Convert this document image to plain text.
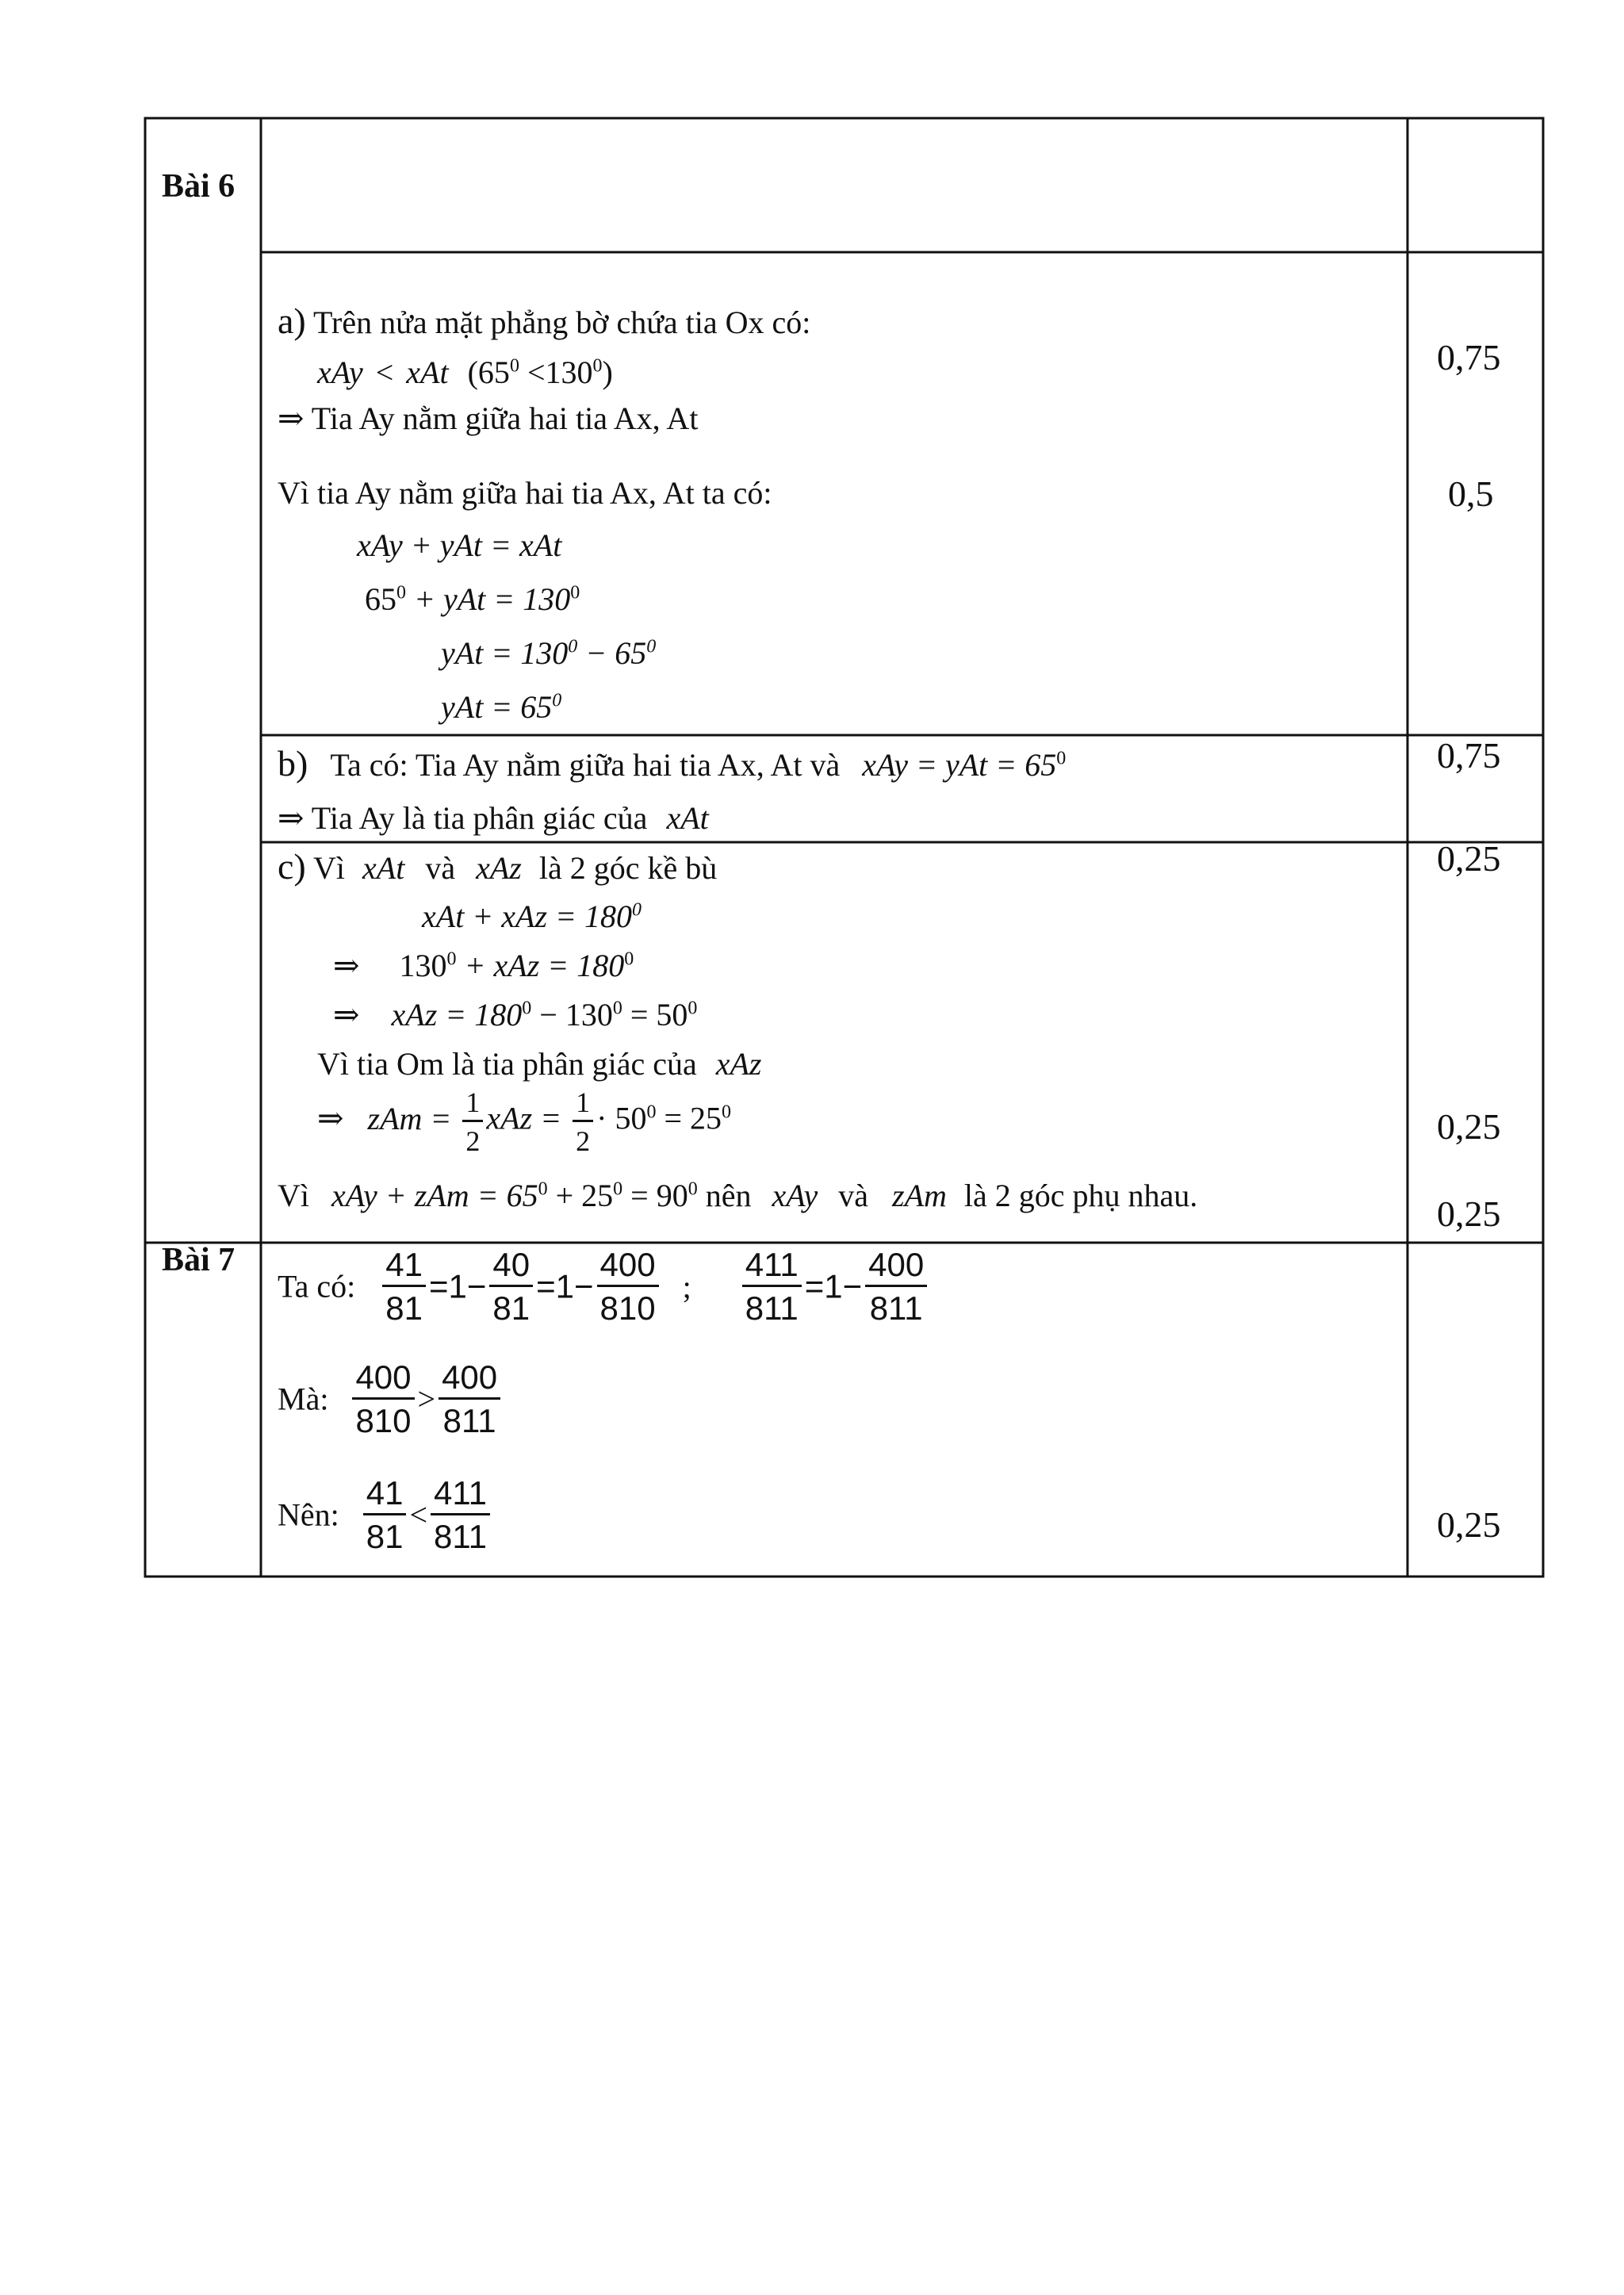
Bài 6
a) Trên nửa mặt phẳng bờ chứa tia Ox có:
xAy < xAt $(65^0 <130^0)$
⇒ Tia Ay nằm giữa hai tia Ax, At
Vì tia Ay nằm giữa hai tia Ax, At ta có:
xAy + yAt = xAt
$65^0$ + yAt = $130^0$
yAt = $130^0 - 65^0$
yAt = $65^0$
0,75
0,5
b) Ta có: Tia Ay nằm giữa hai tia Ax, At và xAy = yAt = $65^0$
⇒ Tia Ay là tia phân giác của xAt
0,75
c) Vì xAt và xAz là 2 góc kề bù
xAt + xAz = $180^0$
⇒ $130^0$ + xAz = $180^0$
⇒ xAz = $180^0 - 130^0 = 50^0$
Vì tia Om là tia phân giác của xAz
⇒ zAm = $\frac{1}{2}$ xAz = $\frac{1}{2} \cdot 50^0 = 25^0$
Vì xAy + zAm = $65^0 + 25^0 = 90^0$ nên xAy và zAm là 2 góc phụ nhau.
0,25
0,25
0,25
Bài 7
Ta có: $\frac{41}{81} =1- \frac{40}{81} =1- \frac{400}{810}$ ; $\frac{411}{811} =1- \frac{400}{811}$
Mà: $\frac{400}{810} > \frac{400}{811}$
Nên: $\frac{41}{81} < \frac{411}{811}$	0,25
